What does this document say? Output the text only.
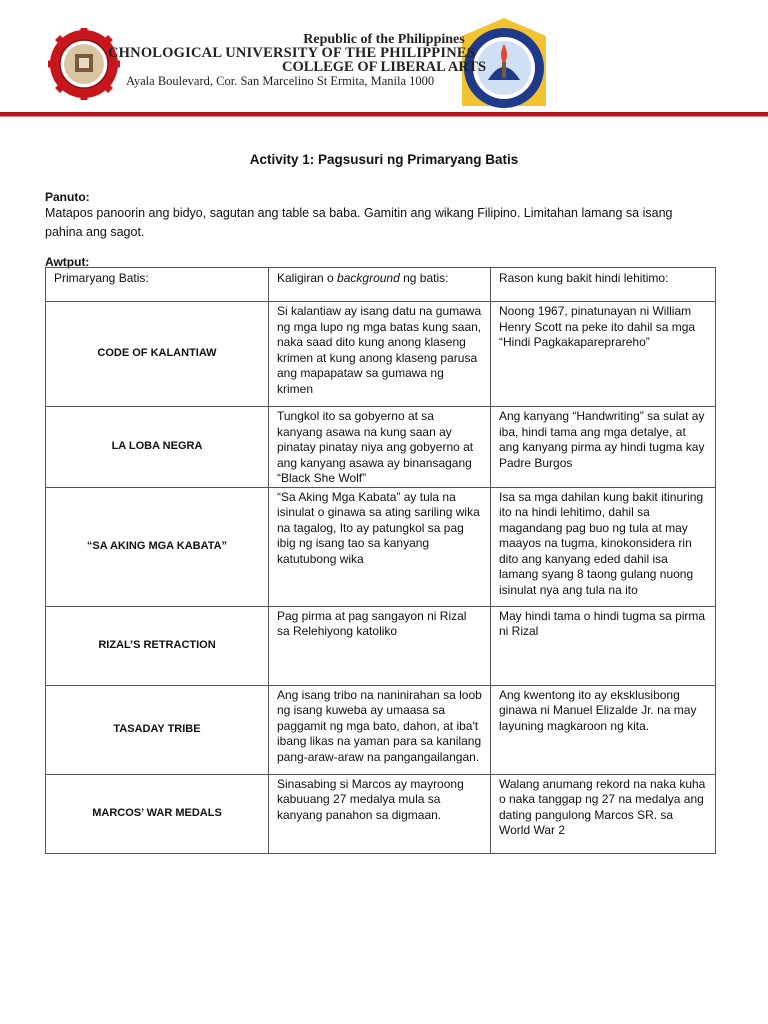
Republic of the Philippines
CHNOLOGICAL UNIVERSITY OF THE PHILIPPINES
COLLEGE OF LIBERAL ARTS
Ayala Boulevard, Cor. San Marcelino St Ermita, Manila 1000
Activity 1: Pagsusuri ng Primaryang Batis
Panuto:
Matapos panoorin ang bidyo, sagutan ang table sa baba. Gamitin ang wikang Filipino. Limitahan lamang sa isang
pahina ang sagot.
Awtput:
Primaryang Batis:	Kaligiran o background ng batis:	Rason kung bakit hindi lehitimo:
CODE OF KALANTIAW	Si kalantiaw ay isang datu na gumawa ng mga lupo ng mga batas kung saan, naka saad dito kung anong klaseng krimen at kung anong klaseng parusa ang mapapataw sa gumawa ng krimen	Noong 1967, pinatunayan ni William Henry Scott na peke ito dahil sa mga “Hindi Pagkakapareprareho”
LA LOBA NEGRA	Tungkol ito sa gobyerno at sa kanyang asawa na kung saan ay pinatay pinatay niya ang gobyerno at ang kanyang asawa ay binansagang “Black She Wolf”	Ang kanyang “Handwriting” sa sulat ay iba, hindi tama ang mga detalye, at ang kanyang pirma ay hindi tugma kay Padre Burgos
“SA AKING MGA KABATA”	“Sa Aking Mga Kabata” ay tula na isinulat o ginawa sa ating sariling wika na tagalog, Ito ay patungkol sa pag ibig ng isang tao sa kanyang katutubong wika	Isa sa mga dahilan kung bakit itinuring ito na hindi lehitimo, dahil sa magandang pag buo ng tula at may maayos na tugma, kinokonsidera rin dito ang kanyang eded dahil isa lamang syang 8 taong gulang nuong isinulat nya ang tula na ito
RIZAL’S RETRACTION	Pag pirma at pag sangayon ni Rizal sa Relehiyong katoliko	May hindi tama o hindi tugma sa pirma ni Rizal
TASADAY TRIBE	Ang isang tribo na naninirahan sa loob ng isang kuweba ay umaasa sa paggamit ng mga bato, dahon, at iba't ibang likas na yaman para sa kanilang pang-araw-araw na pangangailangan.	Ang kwentong ito ay eksklusibong ginawa ni Manuel Elizalde Jr. na may layuning magkaroon ng kita.
MARCOS’ WAR MEDALS	Sinasabing si Marcos ay mayroong kabuuang 27 medalya mula sa kanyang panahon sa digmaan.	Walang anumang rekord na naka kuha o naka tanggap ng 27 na medalya ang dating pangulong Marcos SR. sa World War 2
